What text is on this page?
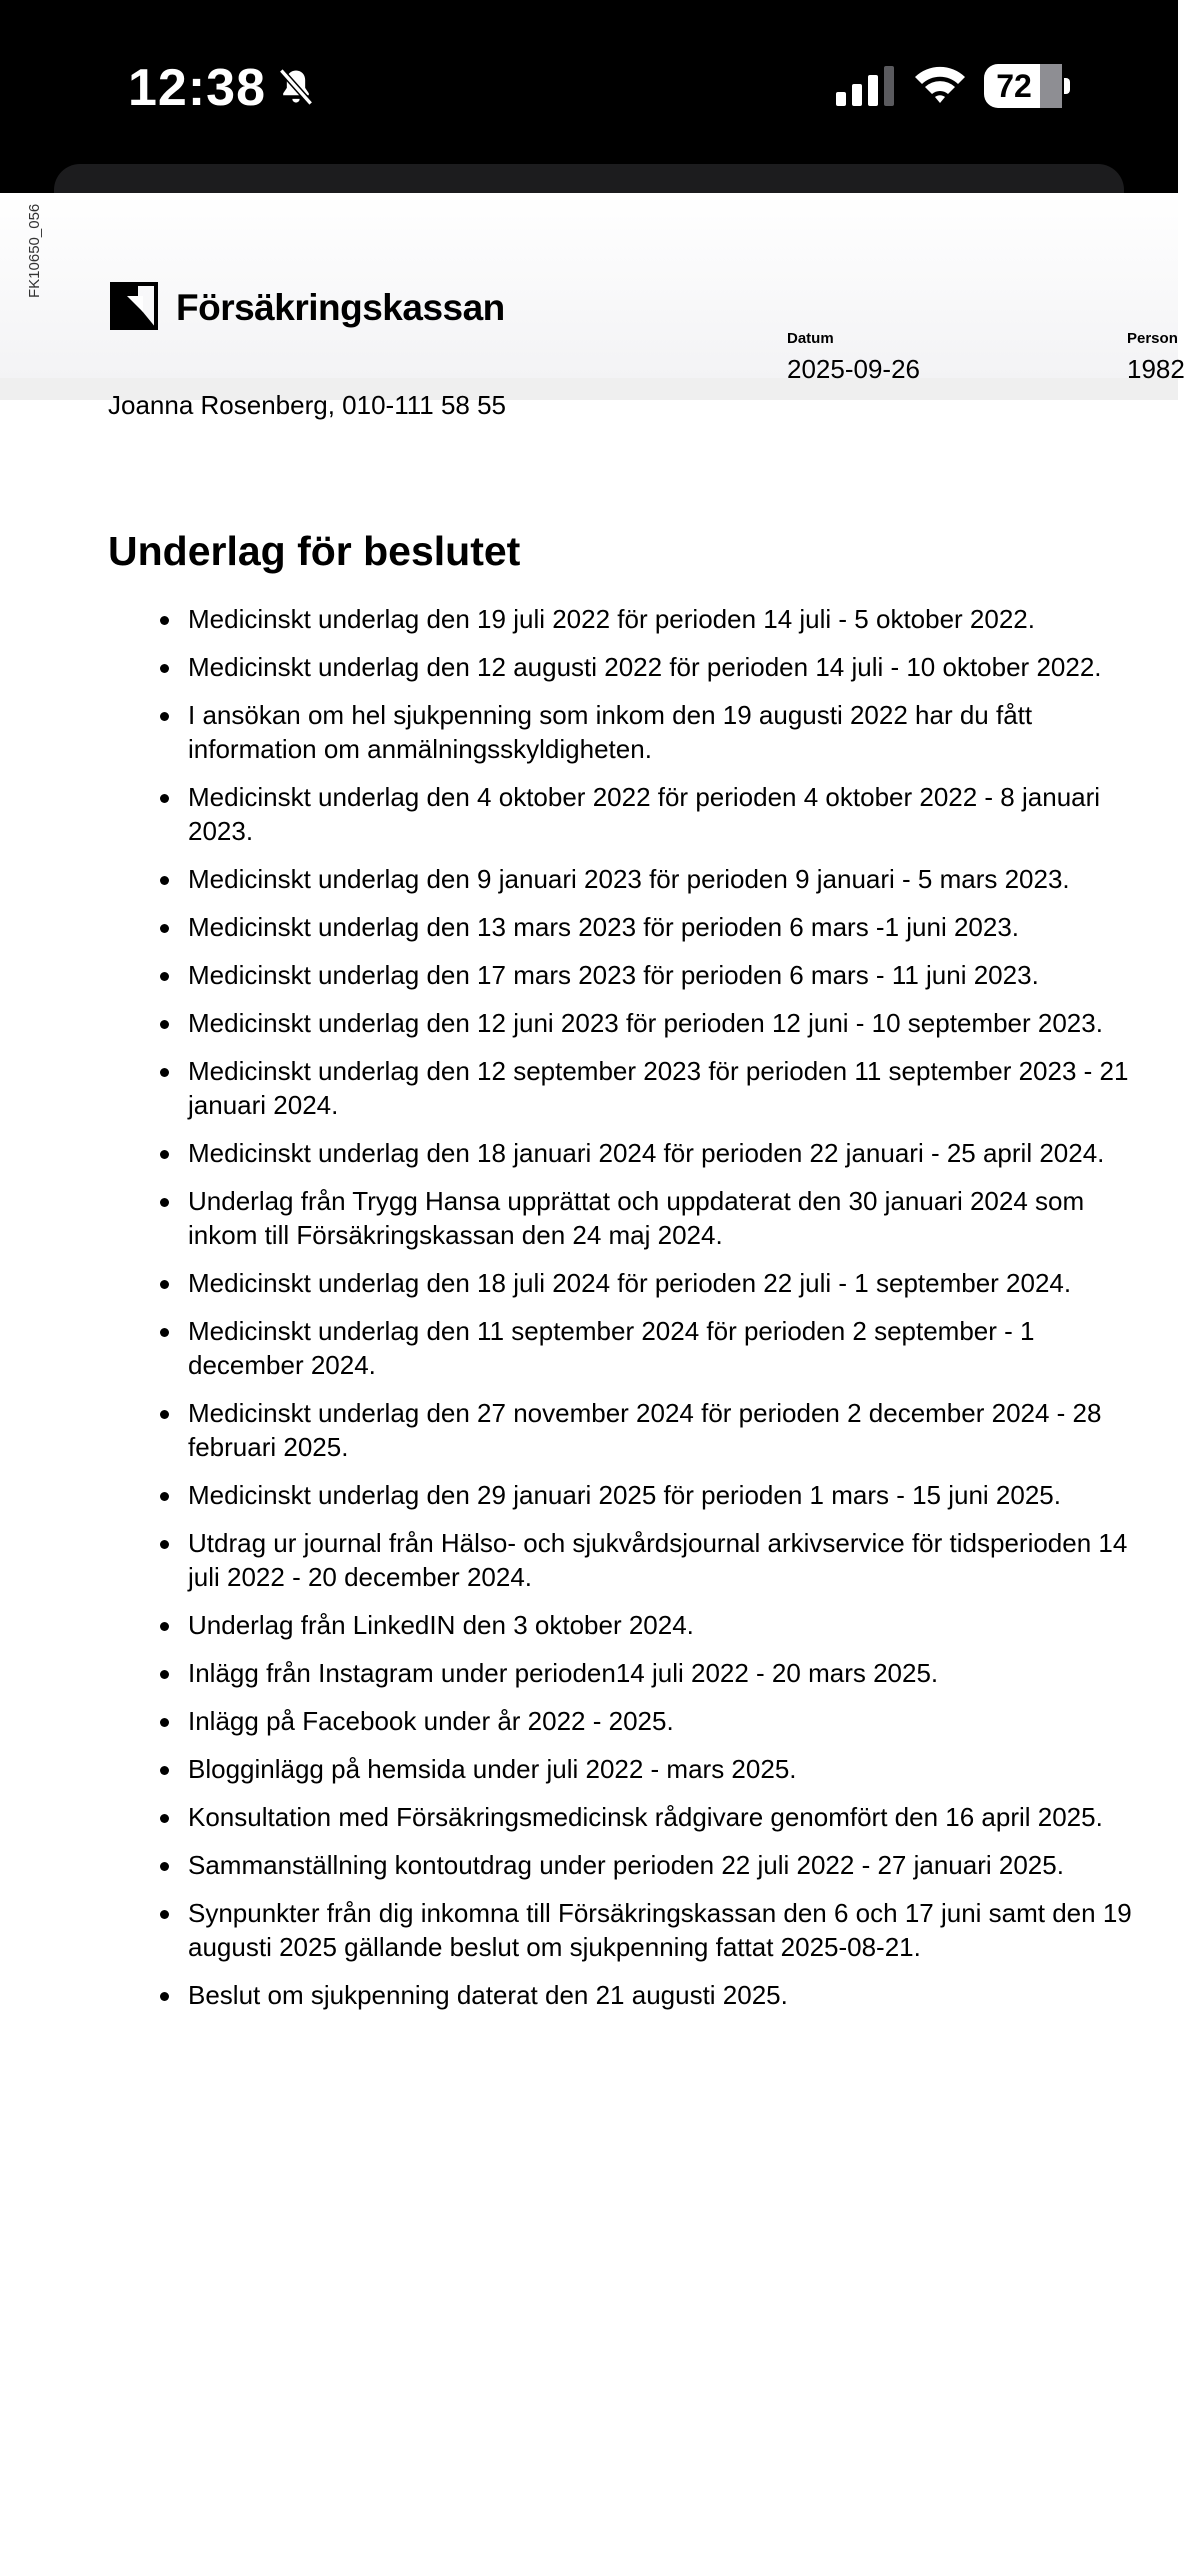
12:38	72
FK10650_056
Försäkringskassan
Datum
2025-09-26
Person
1982
Joanna Rosenberg, 010-111 58 55
Underlag för beslutet
Medicinskt underlag den 19 juli 2022 för perioden 14 juli - 5 oktober 2022.
Medicinskt underlag den 12 augusti 2022 för perioden 14 juli - 10 oktober 2022.
I ansökan om hel sjukpenning som inkom den 19 augusti 2022 har du fått information om anmälningsskyldigheten.
Medicinskt underlag den 4 oktober 2022 för perioden 4 oktober 2022 - 8 januari 2023.
Medicinskt underlag den 9 januari 2023 för perioden 9 januari - 5 mars 2023.
Medicinskt underlag den 13 mars 2023 för perioden 6 mars -1 juni 2023.
Medicinskt underlag den 17 mars 2023 för perioden 6 mars - 11 juni 2023.
Medicinskt underlag den 12 juni 2023 för perioden 12 juni - 10 september 2023.
Medicinskt underlag den 12 september 2023 för perioden 11 september 2023 - 21 januari 2024.
Medicinskt underlag den 18 januari 2024 för perioden 22 januari - 25 april 2024.
Underlag från Trygg Hansa upprättat och uppdaterat den 30 januari 2024 som inkom till Försäkringskassan den 24 maj 2024.
Medicinskt underlag den 18 juli 2024 för perioden 22 juli - 1 september 2024.
Medicinskt underlag den 11 september 2024 för perioden 2 september - 1 december 2024.
Medicinskt underlag den 27 november 2024 för perioden 2 december 2024 - 28 februari 2025.
Medicinskt underlag den 29 januari 2025 för perioden 1 mars - 15 juni 2025.
Utdrag ur journal från Hälso- och sjukvårdsjournal arkivservice för tidsperioden 14 juli 2022 - 20 december 2024.
Underlag från LinkedIN den 3 oktober 2024.
Inlägg från Instagram under perioden14 juli 2022 - 20 mars 2025.
Inlägg på Facebook under år 2022 - 2025.
Blogginlägg på hemsida under juli 2022 - mars 2025.
Konsultation med Försäkringsmedicinsk rådgivare genomfört den 16 april 2025.
Sammanställning kontoutdrag under perioden 22 juli 2022 - 27 januari 2025.
Synpunkter från dig inkomna till Försäkringskassan den 6 och 17 juni samt den 19 augusti 2025 gällande beslut om sjukpenning fattat 2025-08-21.
Beslut om sjukpenning daterat den 21 augusti 2025.
